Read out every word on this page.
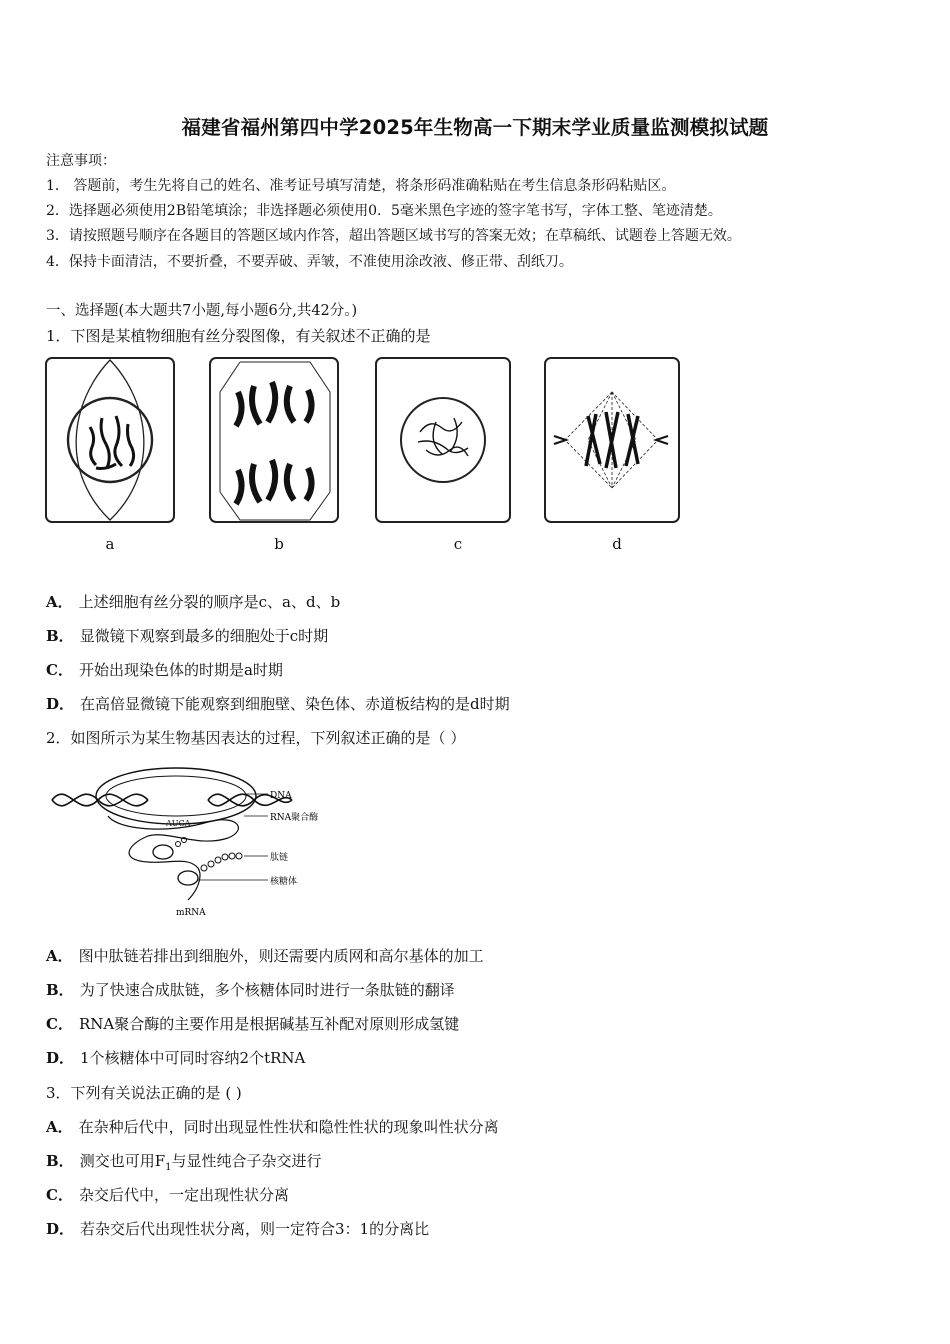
福建省福州第四中学2025年生物高一下期末学业质量监测模拟试题
注意事项：
1． 答题前，考生先将自己的姓名、准考证号填写清楚，将条形码准确粘贴在考生信息条形码粘贴区。
2．选择题必须使用2B铅笔填涂；非选择题必须使用0．5毫米黑色字迹的签字笔书写，字体工整、笔迹清楚。
3．请按照题号顺序在各题目的答题区域内作答，超出答题区域书写的答案无效；在草稿纸、试题卷上答题无效。
4．保持卡面清洁，不要折叠，不要弄破、弄皱，不准使用涂改液、修正带、刮纸刀。
一、选择题(本大题共7小题,每小题6分,共42分。)
1．下图是某植物细胞有丝分裂图像，有关叙述不正确的是
a	b	c	d
A． 上述细胞有丝分裂的顺序是c、a、d、b
B． 显微镜下观察到最多的细胞处于c时期
C． 开始出现染色体的时期是a时期
D． 在高倍显微镜下能观察到细胞壁、染色体、赤道板结构的是d时期
2．如图所示为某生物基因表达的过程，下列叙述正确的是（ ）
AUCA
DNA
RNA聚合酶
肽链
核糖体
mRNA
A． 图中肽链若排出到细胞外，则还需要内质网和高尔基体的加工
B． 为了快速合成肽链，多个核糖体同时进行一条肽链的翻译
C． RNA聚合酶的主要作用是根据碱基互补配对原则形成氢键
D． 1个核糖体中可同时容纳2个tRNA
3．下列有关说法正确的是 ( )
A． 在杂种后代中，同时出现显性性状和隐性性状的现象叫性状分离
B． 测交也可用$F_1$与显性纯合子杂交进行
C． 杂交后代中，一定出现性状分离
D． 若杂交后代出现性状分离，则一定符合3：1的分离比
